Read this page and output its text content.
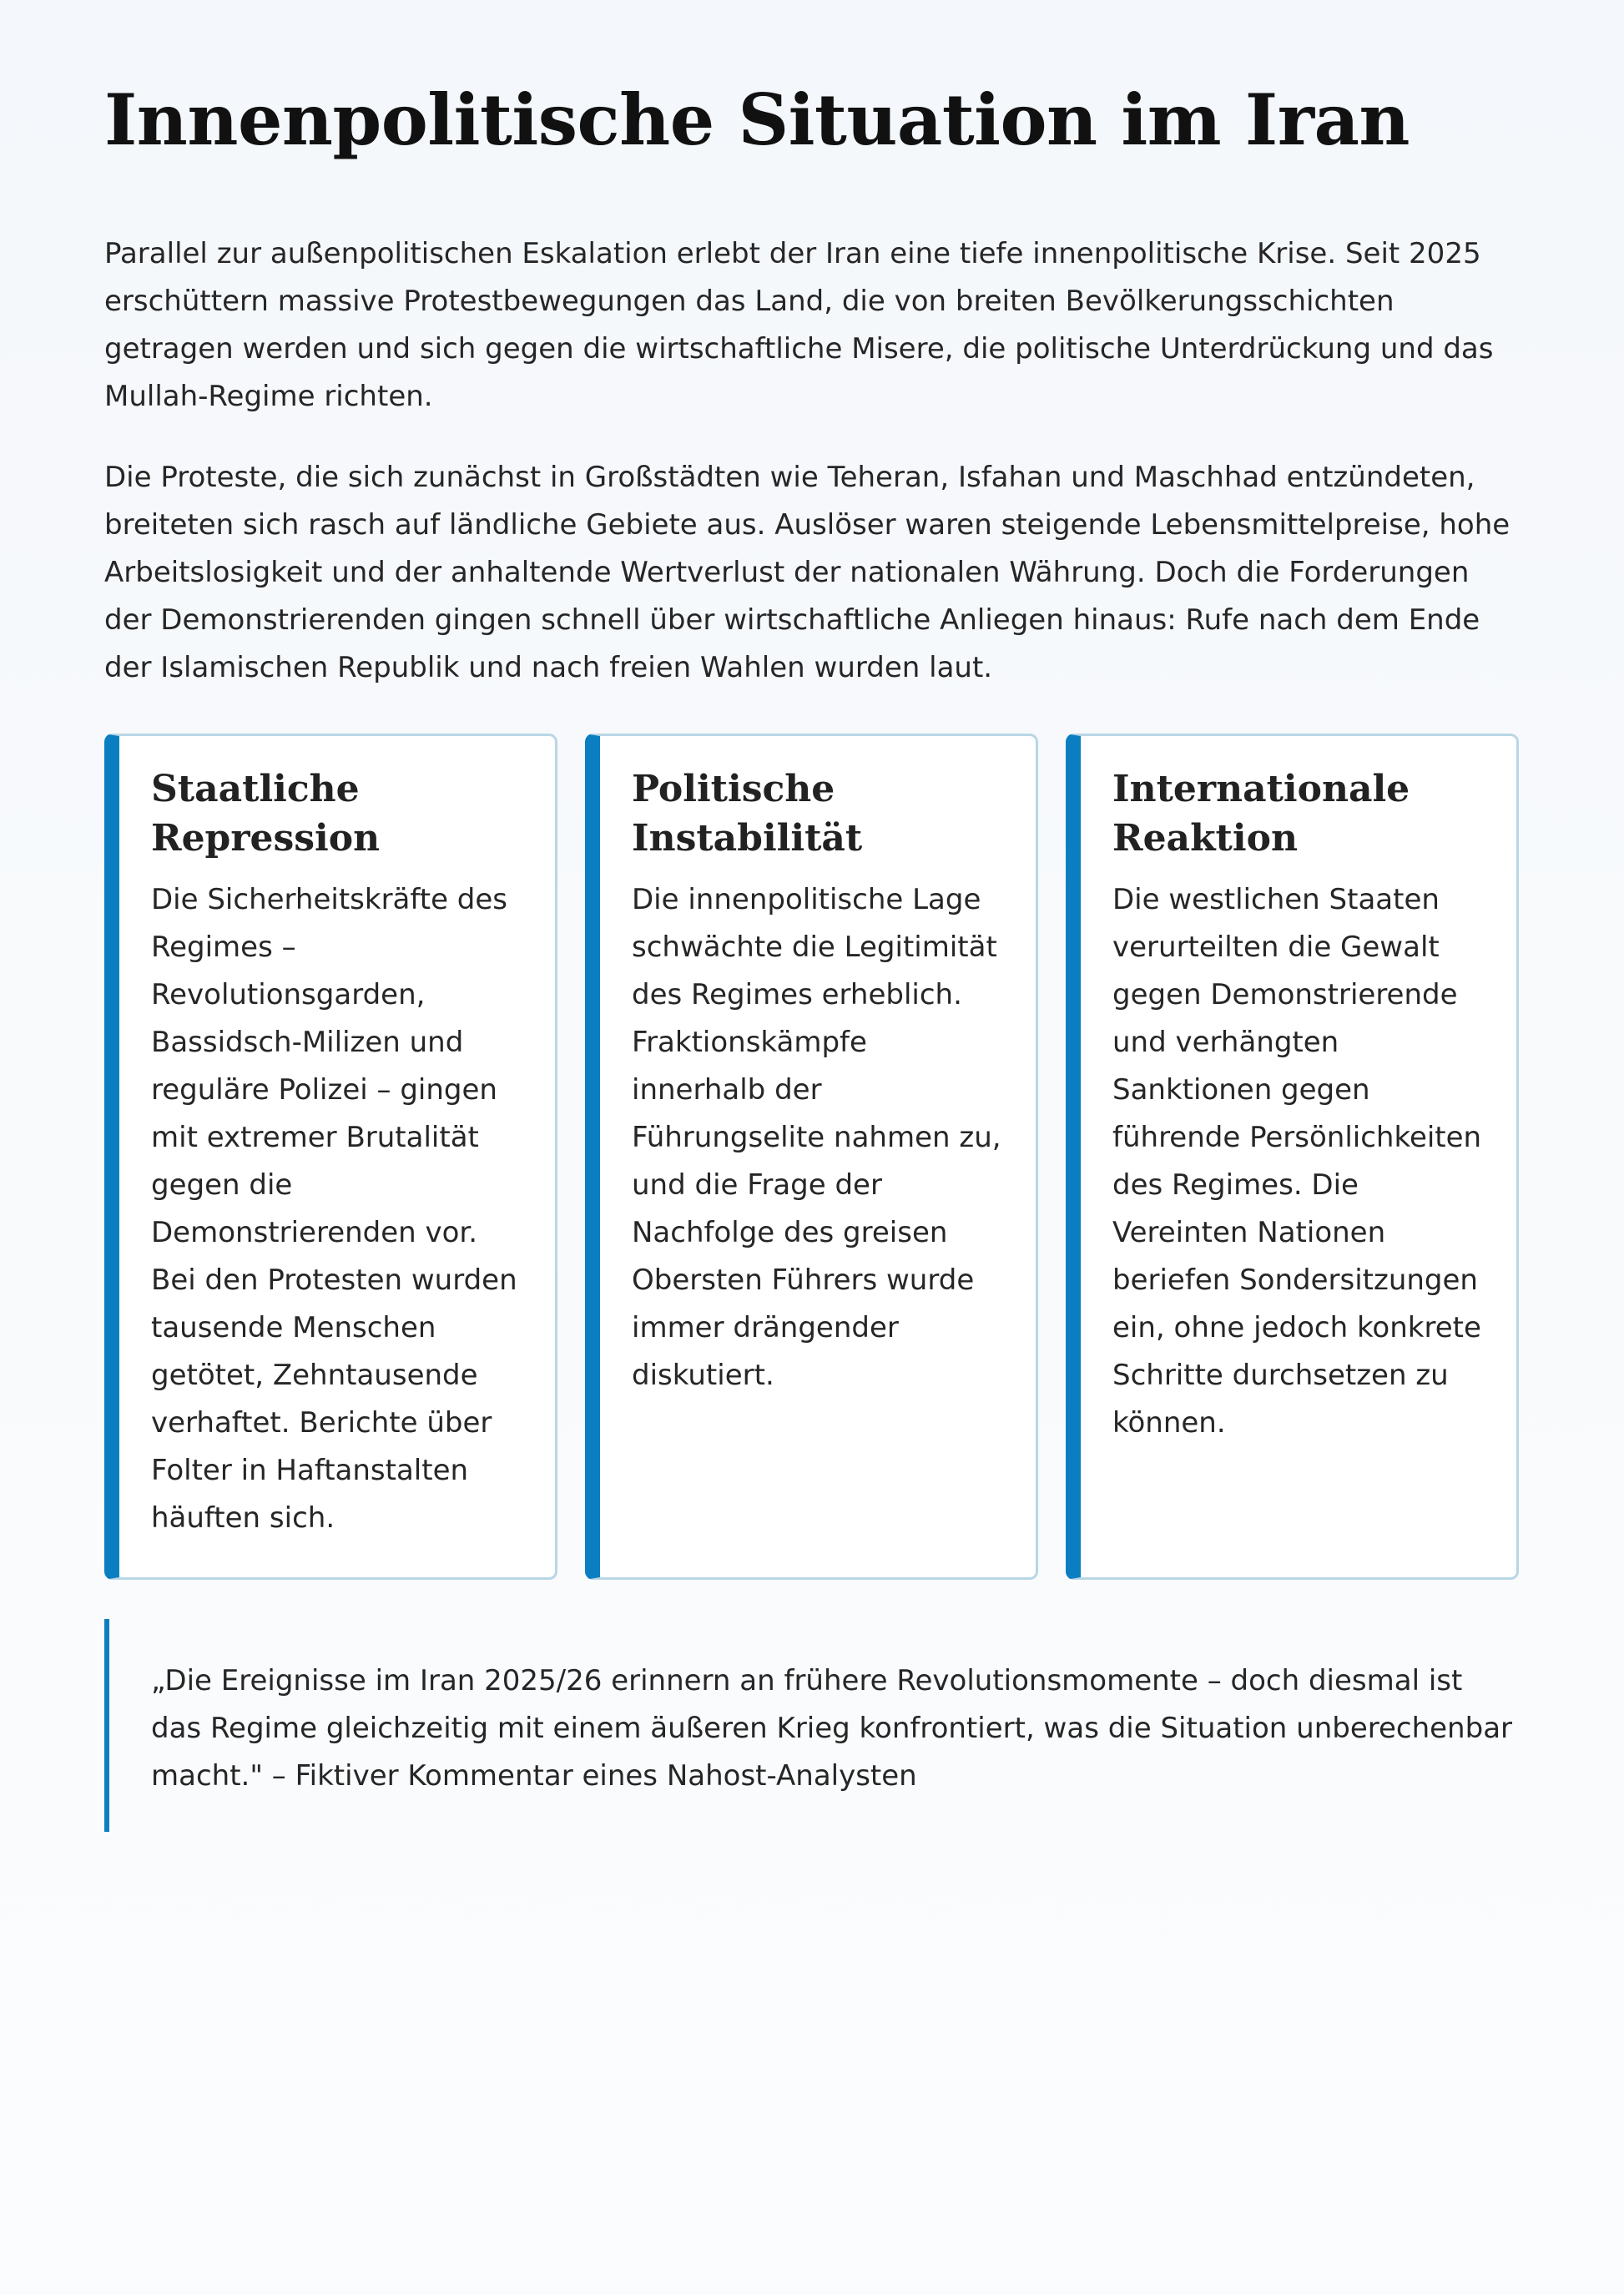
Innenpolitische Situation im Iran

Parallel zur außenpolitischen Eskalation erlebt der Iran eine tiefe innenpolitische Krise. Seit 2025 erschüttern massive Protestbewegungen das Land, die von breiten Bevölkerungsschichten getragen werden und sich gegen die wirtschaftliche Misere, die politische Unterdrückung und das Mullah-Regime richten.

Die Proteste, die sich zunächst in Großstädten wie Teheran, Isfahan und Maschhad entzündeten, breiteten sich rasch auf ländliche Gebiete aus. Auslöser waren steigende Lebensmittelpreise, hohe Arbeitslosigkeit und der anhaltende Wertverlust der nationalen Währung. Doch die Forderungen der Demonstrierenden gingen schnell über wirtschaftliche Anliegen hinaus: Rufe nach dem Ende der Islamischen Republik und nach freien Wahlen wurden laut.

Staatliche Repression

Die Sicherheitskräfte des Regimes – Revolutionsgarden, Bassidsch-Milizen und reguläre Polizei – gingen mit extremer Brutalität gegen die Demonstrierenden vor. Bei den Protesten wurden tausende Menschen getötet, Zehntausende verhaftet. Berichte über Folter in Haftanstalten häuften sich.

Politische Instabilität

Die innenpolitische Lage schwächte die Legitimität des Regimes erheblich. Fraktionskämpfe innerhalb der Führungselite nahmen zu, und die Frage der Nachfolge des greisen Obersten Führers wurde immer drängender diskutiert.

Internationale Reaktion

Die westlichen Staaten verurteilten die Gewalt gegen Demonstrierende und verhängten Sanktionen gegen führende Persönlichkeiten des Regimes. Die Vereinten Nationen beriefen Sondersitzungen ein, ohne jedoch konkrete Schritte durchsetzen zu können.

„Die Ereignisse im Iran 2025/26 erinnern an frühere Revolutionsmomente – doch diesmal ist das Regime gleichzeitig mit einem äußeren Krieg konfrontiert, was die Situation unberechenbar macht." – Fiktiver Kommentar eines Nahost-Analysten
